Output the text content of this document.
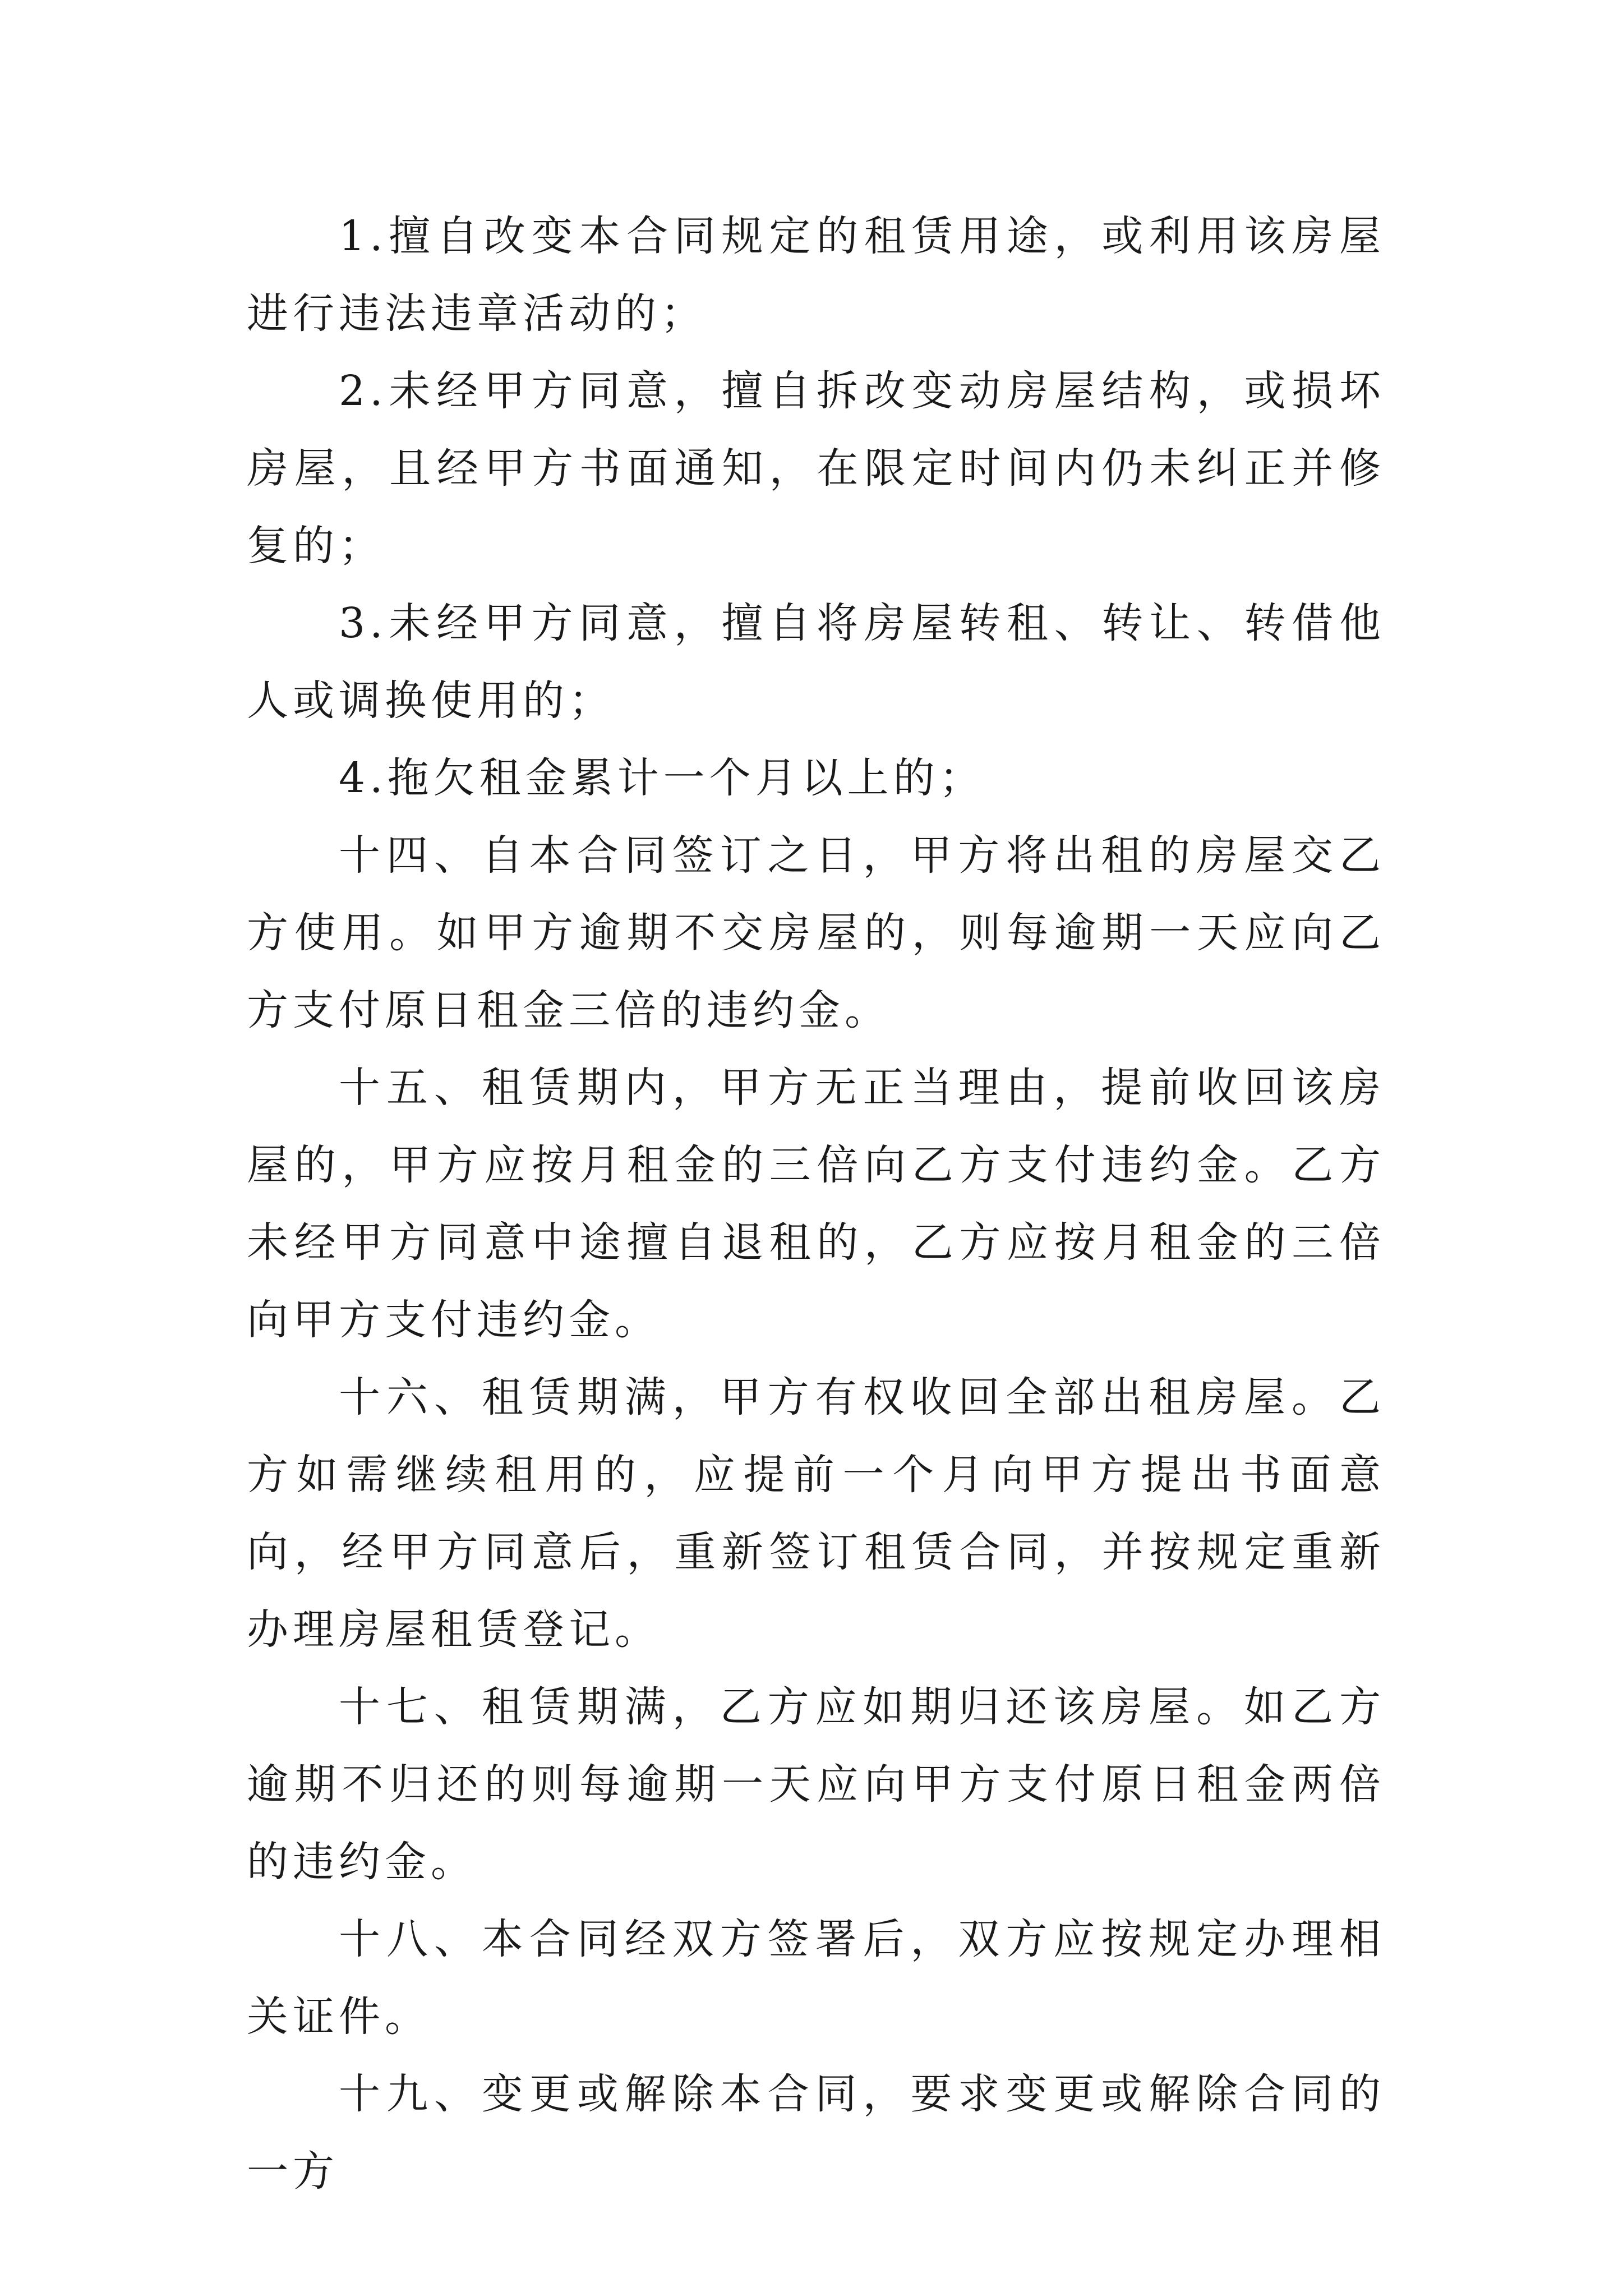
1.擅自改变本合同规定的租赁用途，或利用该房屋进行违法违章活动的；

2.未经甲方同意，擅自拆改变动房屋结构，或损坏房屋，且经甲方书面通知，在限定时间内仍未纠正并修复的；

3.未经甲方同意，擅自将房屋转租、转让、转借他人或调换使用的；

4.拖欠租金累计一个月以上的；

十四、自本合同签订之日，甲方将出租的房屋交乙方使用。如甲方逾期不交房屋的，则每逾期一天应向乙方支付原日租金三倍的违约金。

十五、租赁期内，甲方无正当理由，提前收回该房屋的，甲方应按月租金的三倍向乙方支付违约金。乙方未经甲方同意中途擅自退租的，乙方应按月租金的三倍向甲方支付违约金。

十六、租赁期满，甲方有权收回全部出租房屋。乙方如需继续租用的，应提前一个月向甲方提出书面意向，经甲方同意后，重新签订租赁合同，并按规定重新办理房屋租赁登记。

十七、租赁期满，乙方应如期归还该房屋。如乙方逾期不归还的则每逾期一天应向甲方支付原日租金两倍的违约金。

十八、本合同经双方签署后，双方应按规定办理相关证件。

十九、变更或解除本合同，要求变更或解除合同的一方
